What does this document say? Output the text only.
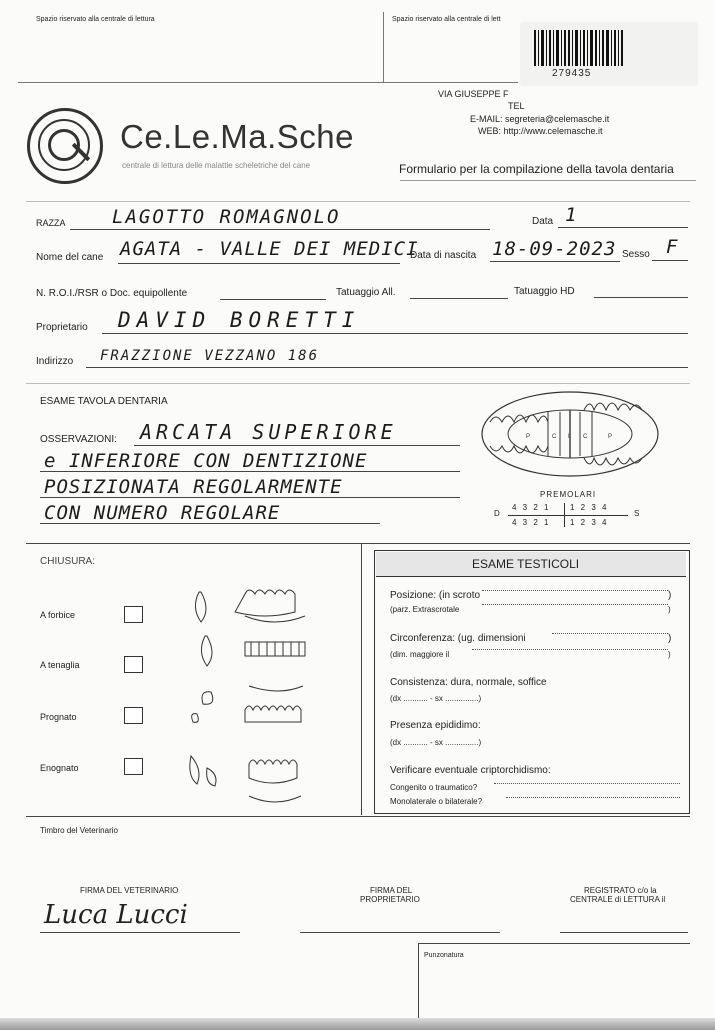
Spazio riservato alla centrale di lettura	Spazio riservato alla centrale di lett
279435
VIA GIUSEPPE F
TEL
E-MAIL: segreteria@celemasche.it
WEB: http://www.celemasche.it
Ce.Le.Ma.Sche
centrale di lettura delle malattie scheletriche del cane	Formulario per la compilazione della tavola dentaria
RAZZA LAGOTTO ROMAGNOLO	Data 1
Nome del cane AGATA - VALLE DEI MEDICI
Data di nascita 18-09-2023 Sesso F
N. R.O.I./RSR o Doc. equipollente	Tatuaggio All.	Tatuaggio HD
Proprietario DAVID BORETTI
Indirizzo FRAZZIONE VEZZANO 186
ESAME TAVOLA DENTARIA
OSSERVAZIONI: ARCATA SUPERIORE
e INFERIORE CON DENTIZIONE
POSIZIONATA REGOLARMENTE
CON NUMERO REGOLARE
P	C I C	P
PREMOLARI
D	S
4 3 2 1 1 2 3 4
4 3 2 1 1 2 3 4
CHIUSURA:
A forbice
A tenaglia
Prognato
Enognato
ESAME TESTICOLI
Posizione: (in scroto	)
(parz. Extrascrotale	)
Circonferenza: (ug. dimensioni	)
(dim. maggiore il	)
Consistenza: dura, normale, soffice
(dx ........... - sx ...............)
Presenza epididimo:
(dx ........... - sx ...............)
Verificare eventuale criptorchidismo:
Congenito o traumatico?
Monolaterale o bilaterale?
Timbro del Veterinario
FIRMA DEL VETERINARIO
Luca Lucci
FIRMA DEL
PROPRIETARIO
REGISTRATO c/o la
CENTRALE di LETTURA il
Punzonatura
